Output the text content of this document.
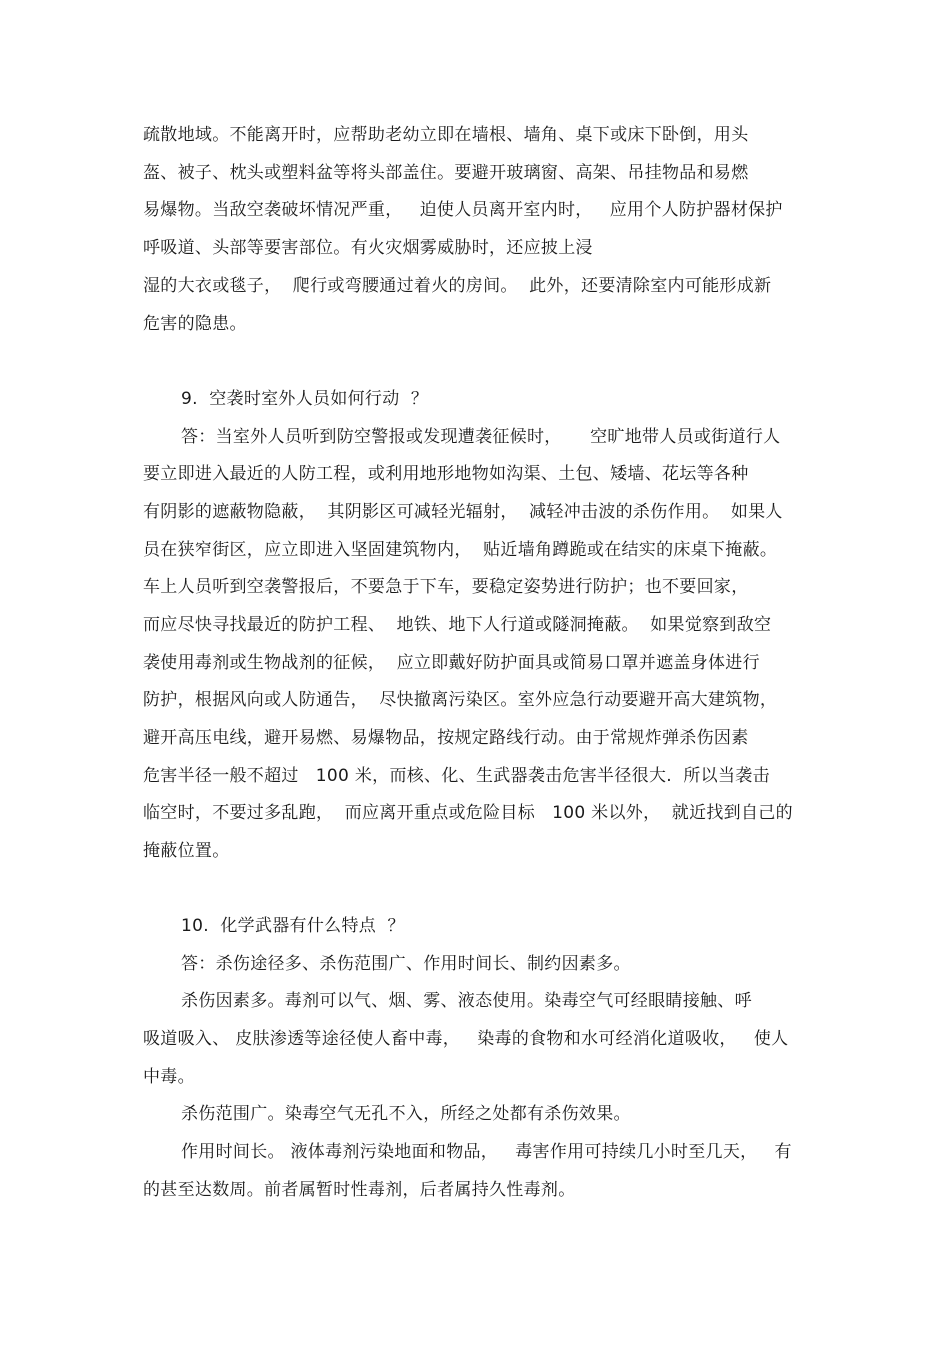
疏散地域。不能离开时，应帮助老幼立即在墙根、墙角、桌下或床下卧倒，用头
盔、被子、枕头或塑料盆等将头部盖住。要避开玻璃窗、高架、吊挂物品和易燃
易爆物。当敌空袭破坏情况严重，   迫使人员离开室内时，   应用个人防护器材保护
呼吸道、头部等要害部位。有火灾烟雾威胁时，还应披上浸
湿的大衣或毯子，  爬行或弯腰通过着火的房间。  此外，还要清除室内可能形成新
危害的隐患。
9.  空袭时室外人员如何行动  ？
答：当室外人员听到防空警报或发现遭袭征候时，     空旷地带人员或街道行人
要立即进入最近的人防工程，或利用地形地物如沟渠、土包、矮墙、花坛等各种
有阴影的遮蔽物隐蔽，  其阴影区可减轻光辐射，  减轻冲击波的杀伤作用。  如果人
员在狭窄街区，应立即进入坚固建筑物内，  贴近墙角蹲跪或在结实的床桌下掩蔽。
车上人员听到空袭警报后，不要急于下车，要稳定姿势进行防护；也不要回家，
而应尽快寻找最近的防护工程、  地铁、地下人行道或隧洞掩蔽。  如果觉察到敌空
袭使用毒剂或生物战剂的征候，  应立即戴好防护面具或简易口罩并遮盖身体进行
防护，根据风向或人防通告，  尽快撤离污染区。室外应急行动要避开高大建筑物，
避开高压电线，避开易燃、易爆物品，按规定路线行动。由于常规炸弹杀伤因素
危害半径一般不超过   100 米，而核、化、生武器袭击危害半径很大.  所以当袭击
临空时，不要过多乱跑，  而应离开重点或危险目标   100 米以外，  就近找到自己的
掩蔽位置。
10.  化学武器有什么特点  ？
答：杀伤途径多、杀伤范围广、作用时间长、制约因素多。
杀伤因素多。毒剂可以气、烟、雾、液态使用。染毒空气可经眼睛接触、呼
吸道吸入、 皮肤渗透等途径使人畜中毒，   染毒的食物和水可经消化道吸收，   使人
中毒。
杀伤范围广。染毒空气无孔不入，所经之处都有杀伤效果。
作用时间长。 液体毒剂污染地面和物品，   毒害作用可持续几小时至几天，   有
的甚至达数周。前者属暂时性毒剂，后者属持久性毒剂。
